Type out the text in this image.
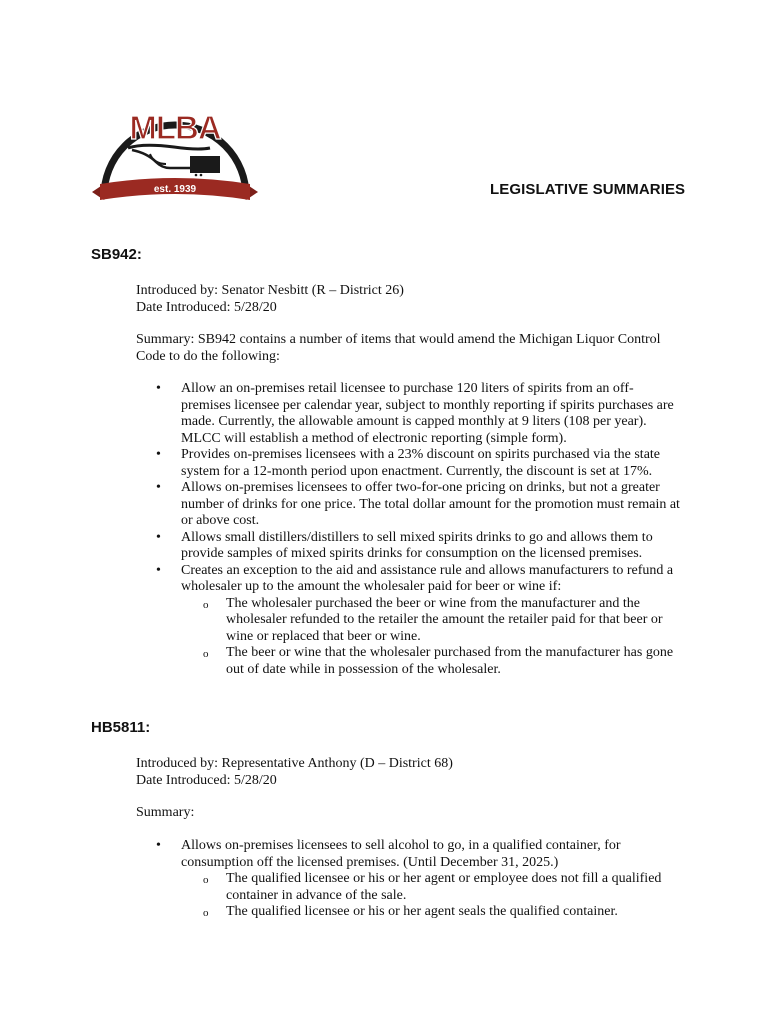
MLBA
est. 1939	LEGISLATIVE SUMMARIES
SB942:

Introduced by: Senator Nesbitt (R – District 26)

Date Introduced: 5/28/20

Summary: SB942 contains a number of items that would amend the Michigan Liquor Control Code to do the following:

• Allow an on-premises retail licensee to purchase 120 liters of spirits from an off-premises licensee per calendar year, subject to monthly reporting if spirits purchases are made. Currently, the allowable amount is capped monthly at 9 liters (108 per year). MLCC will establish a method of electronic reporting (simple form).
• Provides on-premises licensees with a 23% discount on spirits purchased via the state system for a 12-month period upon enactment. Currently, the discount is set at 17%.
• Allows on-premises licensees to offer two-for-one pricing on drinks, but not a greater number of drinks for one price. The total dollar amount for the promotion must remain at or above cost.
• Allows small distillers/distillers to sell mixed spirits drinks to go and allows them to provide samples of mixed spirits drinks for consumption on the licensed premises.
• Creates an exception to the aid and assistance rule and allows manufacturers to refund a wholesaler up to the amount the wholesaler paid for beer or wine if:
o The wholesaler purchased the beer or wine from the manufacturer and the wholesaler refunded to the retailer the amount the retailer paid for that beer or wine or replaced that beer or wine.
o The beer or wine that the wholesaler purchased from the manufacturer has gone out of date while in possession of the wholesaler.
HB5811:

Introduced by: Representative Anthony (D – District 68)

Date Introduced: 5/28/20

Summary:

• Allows on-premises licensees to sell alcohol to go, in a qualified container, for consumption off the licensed premises. (Until December 31, 2025.)
o The qualified licensee or his or her agent or employee does not fill a qualified container in advance of the sale.
o The qualified licensee or his or her agent seals the qualified container.
